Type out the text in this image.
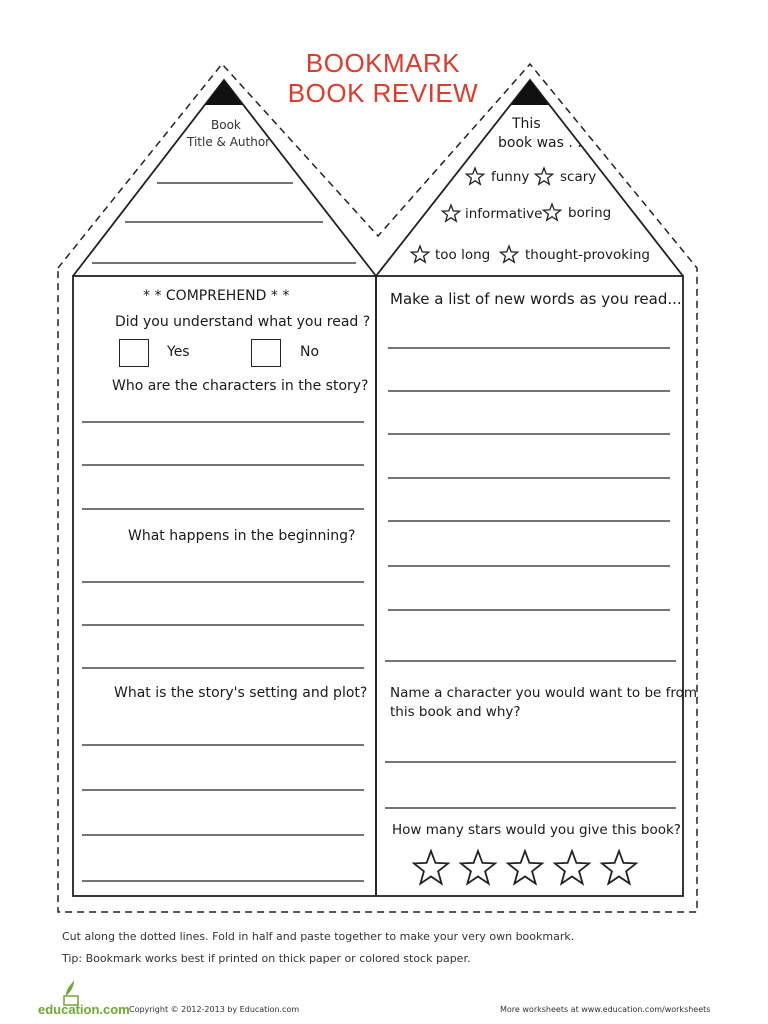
BOOKMARK
BOOK REVIEW
Book
Title & Author
This
book was . .
funny scary
informative boring
too long	thought-provoking
* * COMPREHEND * *
Did you understand what you read ?
Yes	No
Who are the characters in the story?
What happens in the beginning?
What is the story's setting and plot?
Make a list of new words as you read...
Name a character you would want to be from
this book and why?
How many stars would you give this book?
Cut along the dotted lines. Fold in half and paste together to make your very own bookmark.
Tip: Bookmark works best if printed on thick paper or colored stock paper.
education.com Copyright © 2012-2013 by Education.com	More worksheets at www.education.com/worksheets
